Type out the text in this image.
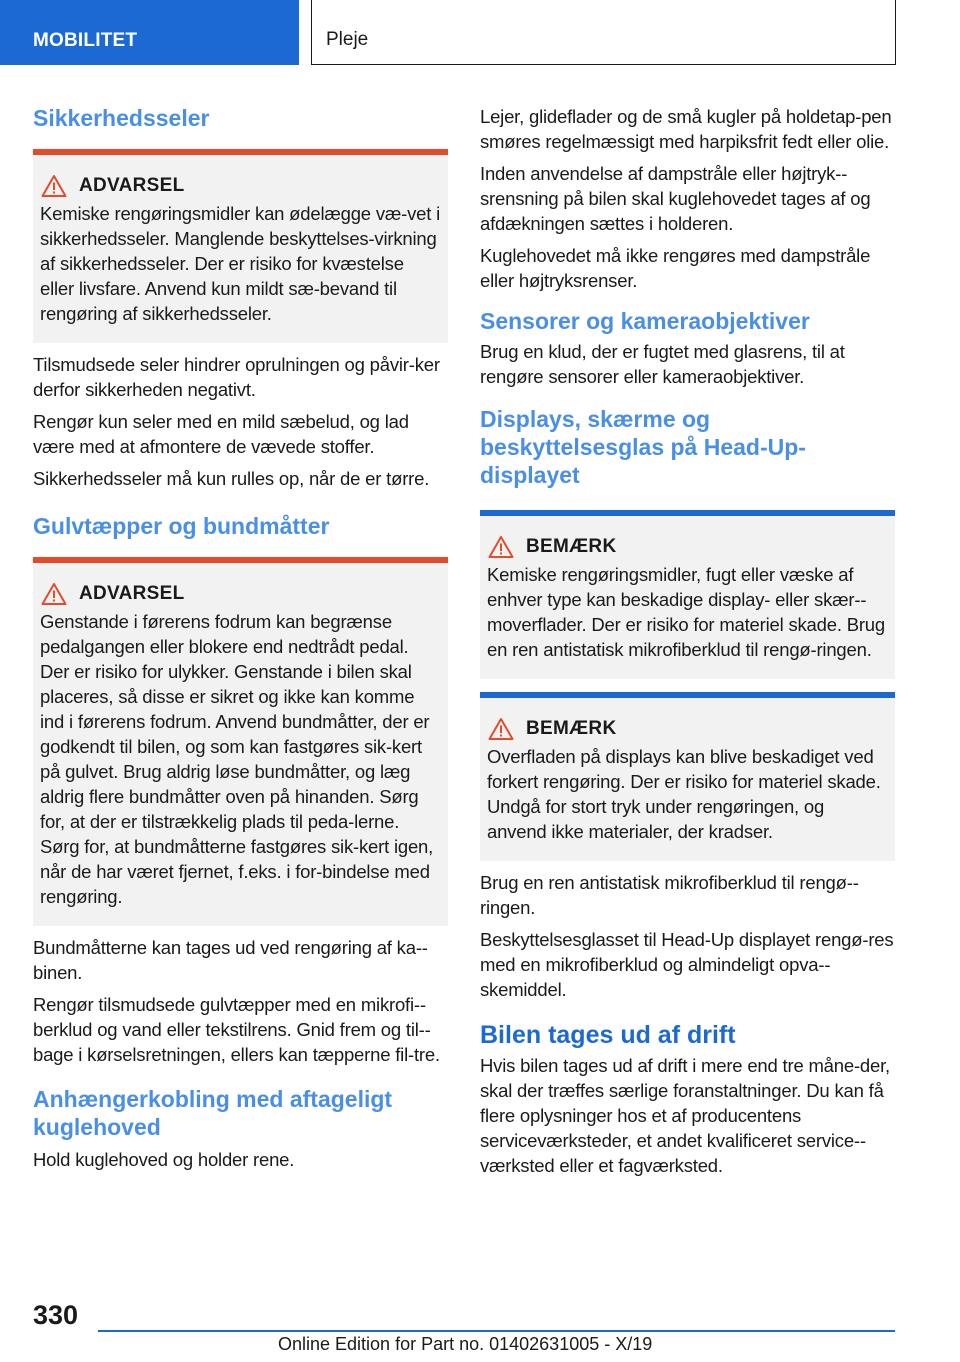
MOBILITET	Pleje
Sikkerhedsseler
ADVARSEL

Kemiske rengøringsmidler kan ødelægge væ-vet i sikkerhedsseler. Manglende beskyttelses-virkning af sikkerhedsseler. Der er risiko for kvæstelse eller livsfare. Anvend kun mildt sæ-bevand til rengøring af sikkerhedsseler.

Tilsmudsede seler hindrer oprulningen og påvir-ker derfor sikkerheden negativt.

Rengør kun seler med en mild sæbelud, og lad være med at afmontere de vævede stoffer.

Sikkerhedsseler må kun rulles op, når de er tørre.

Gulvtæpper og bundmåtter
ADVARSEL

Genstande i førerens fodrum kan begrænse pedalgangen eller blokere end nedtrådt pedal. Der er risiko for ulykker. Genstande i bilen skal placeres, så disse er sikret og ikke kan komme ind i førerens fodrum. Anvend bundmåtter, der er godkendt til bilen, og som kan fastgøres sik-kert på gulvet. Brug aldrig løse bundmåtter, og læg aldrig flere bundmåtter oven på hinanden. Sørg for, at der er tilstrækkelig plads til peda-lerne. Sørg for, at bundmåtterne fastgøres sik-kert igen, når de har været fjernet, f.eks. i for-bindelse med rengøring.

Bundmåtterne kan tages ud ved rengøring af ka-binen.

Rengør tilsmudsede gulvtæpper med en mikrofi-berklud og vand eller tekstilrens. Gnid frem og til-bage i kørselsretningen, ellers kan tæpperne fil-tre.

Anhængerkobling med aftageligt kuglehoved

Hold kuglehoved og holder rene.

Lejer, glideflader og de små kugler på holdetap-pen smøres regelmæssigt med harpiksfrit fedt eller olie.

Inden anvendelse af dampstråle eller højtryk-srensning på bilen skal kuglehovedet tages af og afdækningen sættes i holderen.

Kuglehovedet må ikke rengøres med dampstråle eller højtryksrenser.

Sensorer og kameraobjektiver

Brug en klud, der er fugtet med glasrens, til at rengøre sensorer eller kameraobjektiver.

Displays, skærme og beskyttelsesglas på Head-Up-displayet
BEMÆRK

Kemiske rengøringsmidler, fugt eller væske af enhver type kan beskadige display- eller skær-moverflader. Der er risiko for materiel skade. Brug en ren antistatisk mikrofiberklud til rengø-ringen.

BEMÆRK

Overfladen på displays kan blive beskadiget ved forkert rengøring. Der er risiko for materiel skade. Undgå for stort tryk under rengøringen, og anvend ikke materialer, der kradser.

Brug en ren antistatisk mikrofiberklud til rengø-ringen.

Beskyttelsesglasset til Head-Up displayet rengø-res med en mikrofiberklud og almindeligt opva-skemiddel.

Bilen tages ud af drift

Hvis bilen tages ud af drift i mere end tre måne-der, skal der træffes særlige foranstaltninger. Du kan få flere oplysninger hos et af producentens serviceværksteder, et andet kvalificeret service-værksted eller et fagværksted.

330
Online Edition for Part no. 01402631005 - X/19
